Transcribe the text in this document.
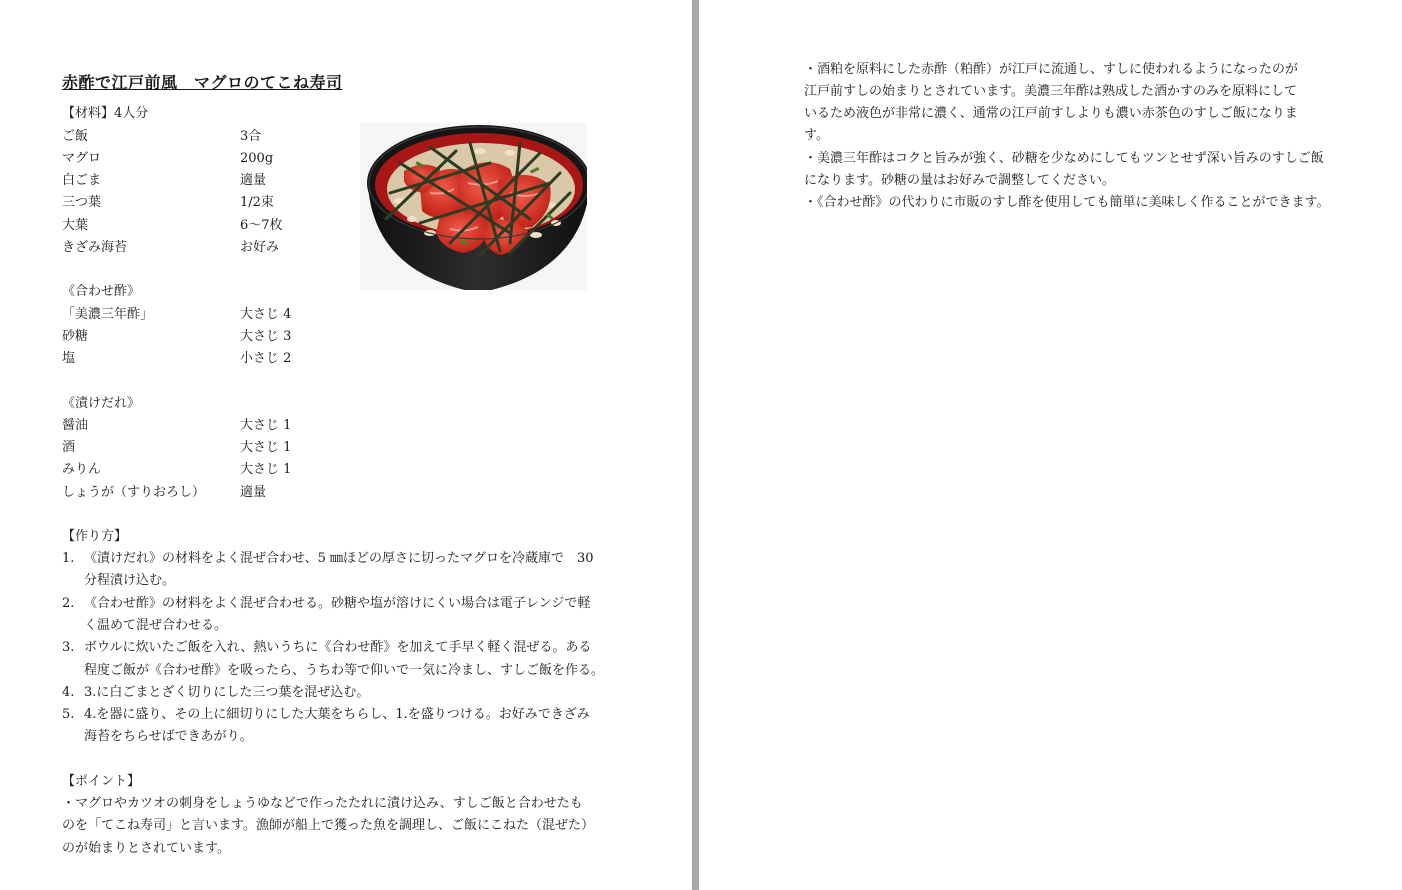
赤酢で江戸前風　マグロのてこね寿司
【材料】4人分
ご飯	3合
マグロ	200g
白ごま	適量
三つ葉	1/2束
大葉	6～7枚
きざみ海苔	お好み
《合わせ酢》
「美濃三年酢」	大さじ 4
砂糖	大さじ 3
塩	小さじ 2
《漬けだれ》
醤油	大さじ 1
酒	大さじ 1
みりん	大さじ 1
しょうが（すりおろし）	適量
【作り方】
1. 《漬けだれ》の材料をよく混ぜ合わせ、5 ㎜ほどの厚さに切ったマグロを冷蔵庫で　30
分程漬け込む。
2. 《合わせ酢》の材料をよく混ぜ合わせる。砂糖や塩が溶けにくい場合は電子レンジで軽
く温めて混ぜ合わせる。
3. ボウルに炊いたご飯を入れ、熱いうちに《合わせ酢》を加えて手早く軽く混ぜる。ある
程度ご飯が《合わせ酢》を吸ったら、うちわ等で仰いで一気に冷まし、すしご飯を作る。
4. 3.に白ごまとざく切りにした三つ葉を混ぜ込む。
5. 4.を器に盛り、その上に細切りにした大葉をちらし、1.を盛りつける。お好みできざみ
海苔をちらせばできあがり。
【ポイント】
・マグロやカツオの刺身をしょうゆなどで作ったたれに漬け込み、すしご飯と合わせたも
のを「てこね寿司」と言います。漁師が船上で獲った魚を調理し、ご飯にこねた（混ぜた）
のが始まりとされています。
・酒粕を原料にした赤酢（粕酢）が江戸に流通し、すしに使われるようになったのが
江戸前すしの始まりとされています。美濃三年酢は熟成した酒かすのみを原料にして
いるため液色が非常に濃く、通常の江戸前すしよりも濃い赤茶色のすしご飯になりま
す。
・美濃三年酢はコクと旨みが強く、砂糖を少なめにしてもツンとせず深い旨みのすしご飯
になります。砂糖の量はお好みで調整してください。
・《合わせ酢》の代わりに市販のすし酢を使用しても簡単に美味しく作ることができます。
